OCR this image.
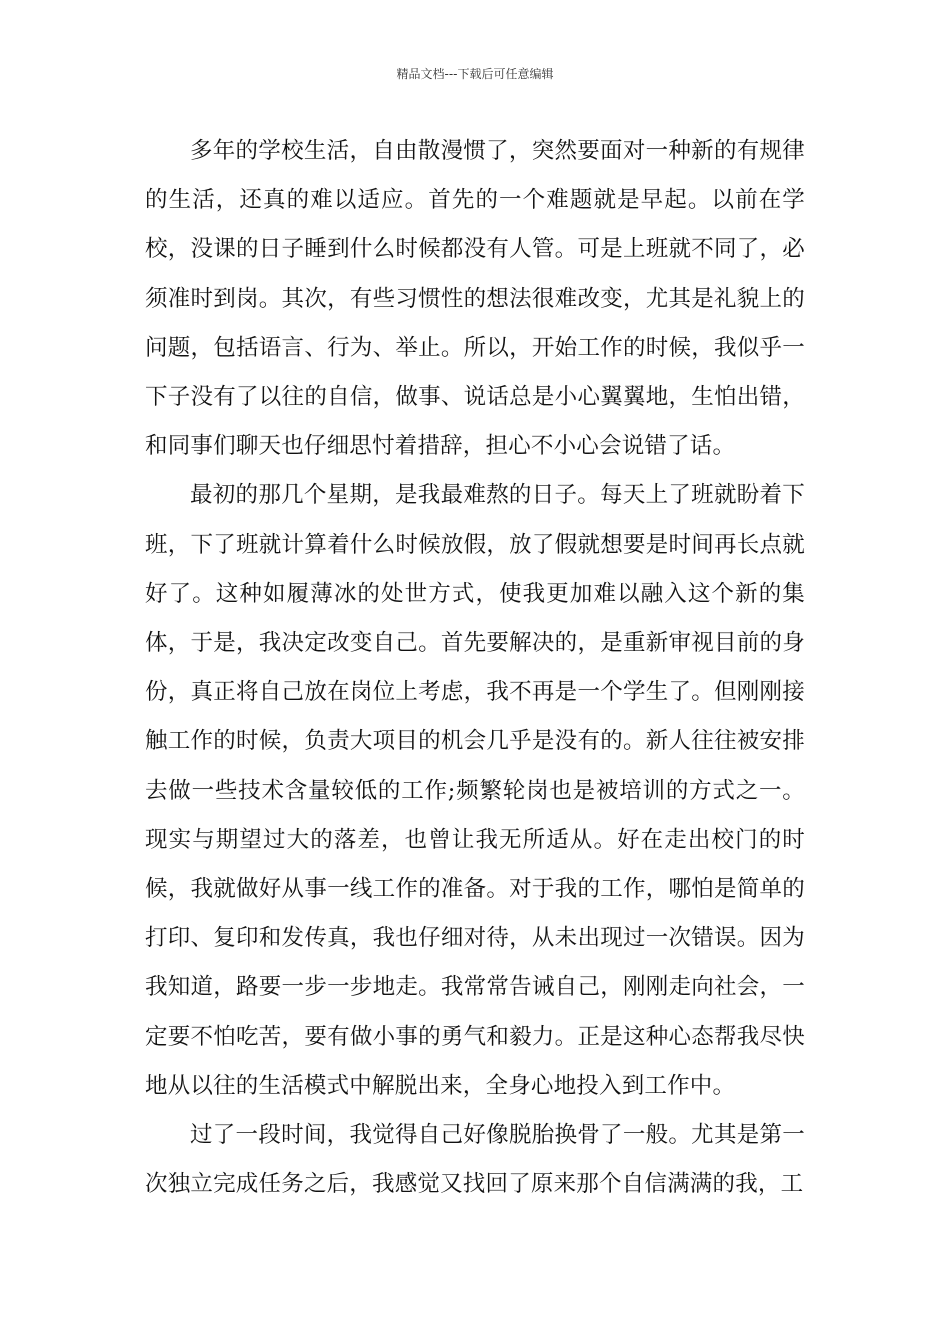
精品文档---下载后可任意编辑

多年的学校生活，自由散漫惯了，突然要面对一种新的有规律的生活，还真的难以适应。首先的一个难题就是早起。以前在学校，没课的日子睡到什么时候都没有人管。可是上班就不同了，必须准时到岗。其次，有些习惯性的想法很难改变，尤其是礼貌上的问题，包括语言、行为、举止。所以，开始工作的时候，我似乎一下子没有了以往的自信，做事、说话总是小心翼翼地，生怕出错，和同事们聊天也仔细思忖着措辞，担心不小心会说错了话。

最初的那几个星期，是我最难熬的日子。每天上了班就盼着下班，下了班就计算着什么时候放假，放了假就想要是时间再长点就好了。这种如履薄冰的处世方式，使我更加难以融入这个新的集体，于是，我决定改变自己。首先要解决的，是重新审视目前的身份，真正将自己放在岗位上考虑，我不再是一个学生了。但刚刚接触工作的时候，负责大项目的机会几乎是没有的。新人往往被安排去做一些技术含量较低的工作;频繁轮岗也是被培训的方式之一。现实与期望过大的落差，也曾让我无所适从。好在走出校门的时候，我就做好从事一线工作的准备。对于我的工作，哪怕是简单的打印、复印和发传真，我也仔细对待，从未出现过一次错误。因为我知道，路要一步一步地走。我常常告诫自己，刚刚走向社会，一定要不怕吃苦，要有做小事的勇气和毅力。正是这种心态帮我尽快地从以往的生活模式中解脱出来，全身心地投入到工作中。

过了一段时间，我觉得自己好像脱胎换骨了一般。尤其是第一次独立完成任务之后，我感觉又找回了原来那个自信满满的我，工
